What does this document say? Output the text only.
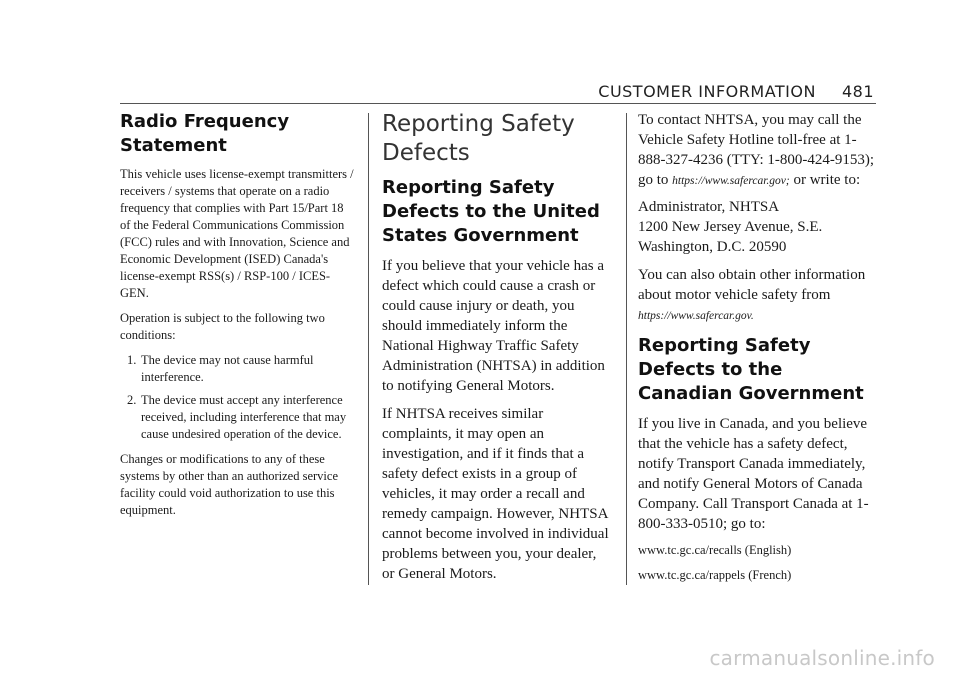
CUSTOMER INFORMATION 481
Radio Frequency Statement

This vehicle uses license-exempt transmitters / receivers / systems that operate on a radio frequency that complies with Part 15/Part 18 of the Federal Communications Commission (FCC) rules and with Innovation, Science and Economic Development (ISED) Canada's license-exempt RSS(s) / RSP-100 / ICES-GEN.

Operation is subject to the following two conditions:

1. The device may not cause harmful interference.
2. The device must accept any interference received, including interference that may cause undesired operation of the device.

Changes or modifications to any of these systems by other than an authorized service facility could void authorization to use this equipment.

Reporting Safety Defects
Reporting Safety Defects to the United States Government

If you believe that your vehicle has a defect which could cause a crash or could cause injury or death, you should immediately inform the National Highway Traffic Safety Administration (NHTSA) in addition to notifying General Motors.

If NHTSA receives similar complaints, it may open an investigation, and if it finds that a safety defect exists in a group of vehicles, it may order a recall and remedy campaign. However, NHTSA cannot become involved in individual problems between you, your dealer, or General Motors.

To contact NHTSA, you may call the Vehicle Safety Hotline toll-free at 1-888-327-4236 (TTY: 1-800-424-9153); go to https://www.safercar.gov; or write to:

Administrator, NHTSA
1200 New Jersey Avenue, S.E.
Washington, D.C. 20590

You can also obtain other information about motor vehicle safety from https://www.safercar.gov.

Reporting Safety Defects to the Canadian Government

If you live in Canada, and you believe that the vehicle has a safety defect, notify Transport Canada immediately, and notify General Motors of Canada Company. Call Transport Canada at 1-800-333-0510; go to:

www.tc.gc.ca/recalls (English)

www.tc.gc.ca/rappels (French)

carmanualsonline.info
